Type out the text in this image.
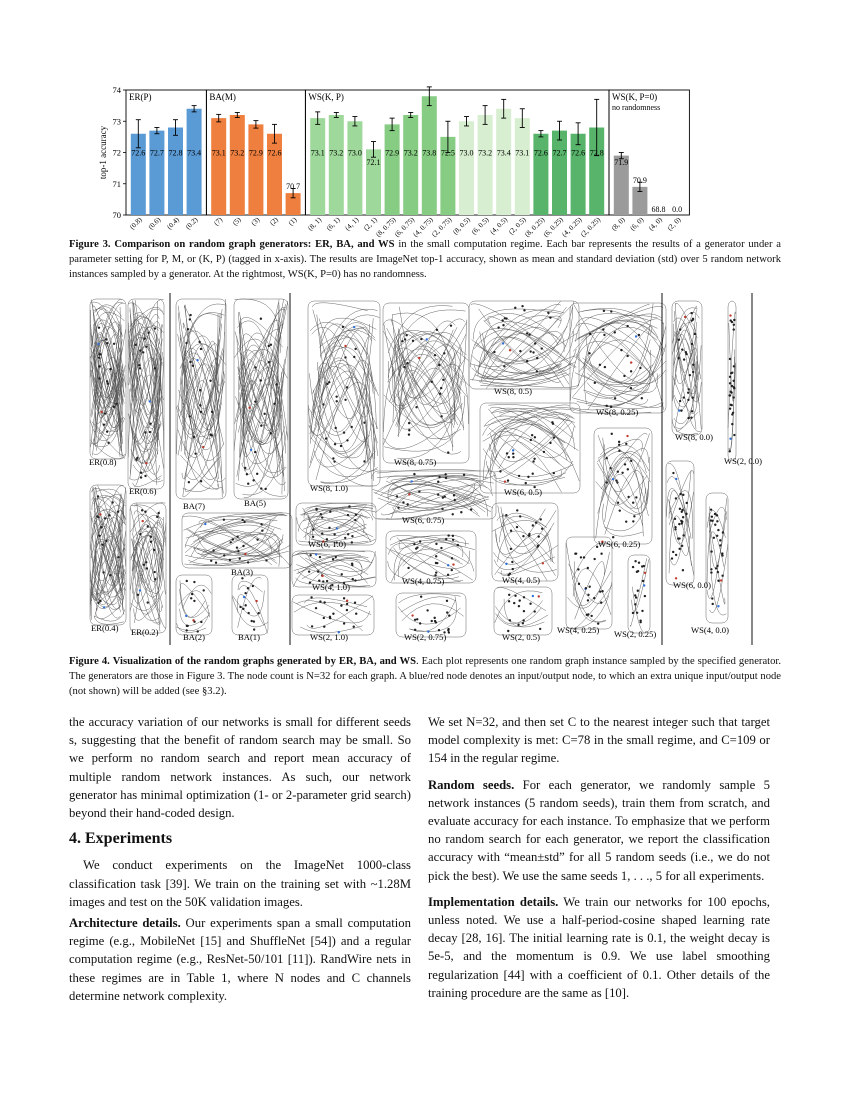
top-1 accuracy
70
71
72
73
74
ER(P)
72.6
(0.8)
72.7
(0.6)
72.8
(0.4)
73.4
(0.2)
BA(M)
73.1
(7)
73.2
(5)
72.9
(3)
72.6
(2)
70.7
(1)
WS(K, P)
73.1
(8, 1)
73.2
(6, 1)
73.0
(4, 1)
72.1
(2, 1)
72.9
(8, 0.75)
73.2
(6, 0.75)
73.8
(4, 0.75)
72.5
(2, 0.75)
73.0
(8, 0.5)
73.2
(6, 0.5)
73.4
(4, 0.5)
73.1
(2, 0.5)
72.6
(8, 0.25)
72.7
(6, 0.25)
72.6
(4, 0.25)
72.8
(2, 0.25)
WS(K, P=0)
no randomness
71.9
(8, 0)
70.9
(6, 0)
68.8
(4, 0)
0.0
(2, 0)

Figure 3. Comparison on random graph generators: ER, BA, and WS in the small computation regime. Each bar represents the results of a generator under a parameter setting for P, M, or (K, P) (tagged in x-axis). The results are ImageNet top-1 accuracy, shown as mean and standard deviation (std) over 5 random network instances sampled by a generator. At the rightmost, WS(K, P=0) has no randomness.

ER(0.8)
ER(0.6)
ER(0.4) ER(0.2)
BA(7)	BA(5)
BA(3)
BA(2)	BA(1)
WS(8, 1.0)
WS(8, 0.75)
WS(8, 0.5)
WS(8, 0.25)
WS(8, 0.0)
WS(2, 0.0)
WS(6, 0.75)
WS(6, 0.5)
WS(6, 1.0)	WS(6, 0.25)
WS(4, 1.0)
WS(4, 0.75)	WS(4, 0.5)	WS(6, 0.0)
WS(4, 0.25) WS(2, 0.25)	WS(4, 0.0)
WS(2, 1.0)	WS(2, 0.75)	WS(2, 0.5)

Figure 4. Visualization of the random graphs generated by ER, BA, and WS. Each plot represents one random graph instance sampled by the specified generator. The generators are those in Figure 3. The node count is N=32 for each graph. A blue/red node denotes an input/output node, to which an extra unique input/output node (not shown) will be added (see §3.2).

the accuracy variation of our networks is small for different seeds s, suggesting that the benefit of random search may be small. So we perform no random search and report mean accuracy of multiple random network instances. As such, our network generator has minimal optimization (1- or 2-parameter grid search) beyond their hand-coded design.

4. Experiments

We conduct experiments on the ImageNet 1000-class classification task [39]. We train on the training set with ~1.28M images and test on the 50K validation images.

Architecture details. Our experiments span a small computation regime (e.g., MobileNet [15] and ShuffleNet [54]) and a regular computation regime (e.g., ResNet-50/101 [11]). RandWire nets in these regimes are in Table 1, where N nodes and C channels determine network complexity.

We set N=32, and then set C to the nearest integer such that target model complexity is met: C=78 in the small regime, and C=109 or 154 in the regular regime.

Random seeds. For each generator, we randomly sample 5 network instances (5 random seeds), train them from scratch, and evaluate accuracy for each instance. To emphasize that we perform no random search for each generator, we report the classification accuracy with “mean±std” for all 5 random seeds (i.e., we do not pick the best). We use the same seeds 1, . . ., 5 for all experiments.

Implementation details. We train our networks for 100 epochs, unless noted. We use a half-period-cosine shaped learning rate decay [28, 16]. The initial learning rate is 0.1, the weight decay is 5e-5, and the momentum is 0.9. We use label smoothing regularization [44] with a coefficient of 0.1. Other details of the training procedure are the same as [10].
